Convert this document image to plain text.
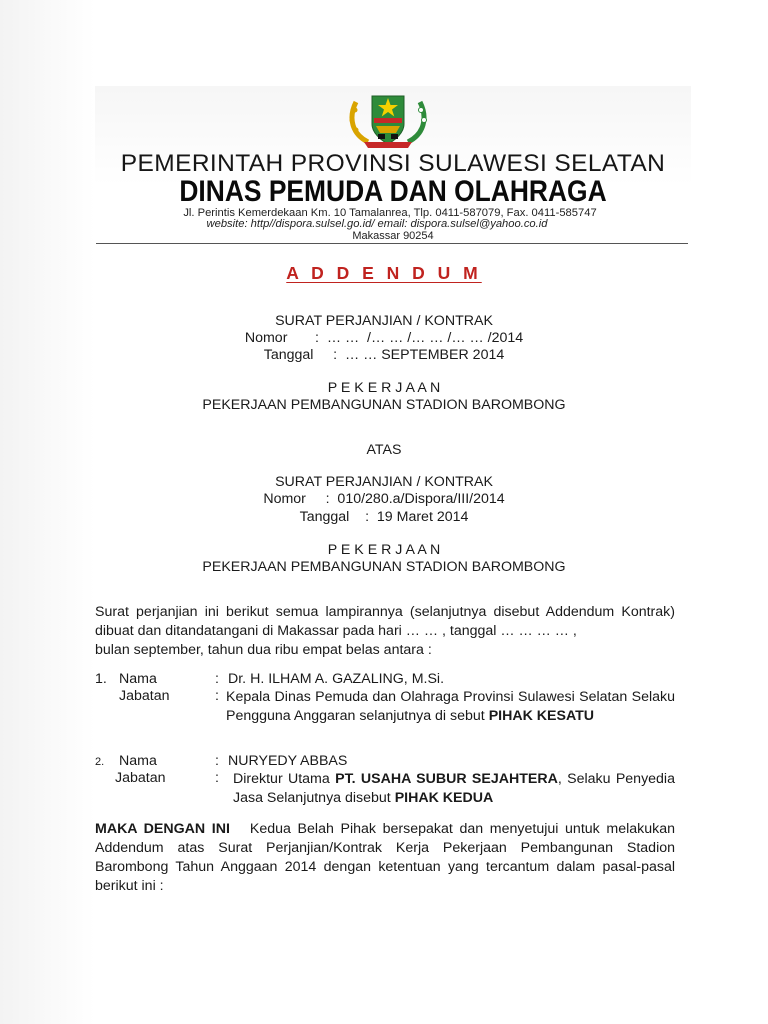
PEMERINTAH PROVINSI SULAWESI SELATAN
DINAS PEMUDA DAN OLAHRAGA
Jl. Perintis Kemerdekaan Km. 10 Tamalanrea, Tlp. 0411-587079, Fax. 0411-585747
website: http//dispora.sulsel.go.id/ email: dispora.sulsel@yahoo.co.id
Makassar 90254
A D D E N D U M
SURAT PERJANJIAN / KONTRAK
Nomor       :  … …  /… … /… … /… … /2014
Tanggal     :  … … SEPTEMBER 2014
P E K E R J A A N
PEKERJAAN PEMBANGUNAN STADION BAROMBONG
ATAS
SURAT PERJANJIAN / KONTRAK
Nomor     :  010/280.a/Dispora/III/2014
Tanggal    :  19 Maret 2014
P E K E R J A A N
PEKERJAAN PEMBANGUNAN STADION BAROMBONG
Surat perjanjian ini berikut semua lampirannya (selanjutnya disebut Addendum Kontrak) dibuat dan ditandatangani di Makassar pada hari … … , tanggal … … … … ,
bulan september, tahun dua ribu empat belas antara :
1. Nama	: Dr. H. ILHAM A. GAZALING, M.Si.
Jabatan	: Kepala Dinas Pemuda dan Olahraga Provinsi Sulawesi Selatan Selaku Pengguna Anggaran selanjutnya di sebut PIHAK KESATU
2. Nama	: NURYEDY ABBAS
Jabatan	: Direktur Utama PT. USAHA SUBUR SEJAHTERA, Selaku Penyedia Jasa Selanjutnya disebut PIHAK KEDUA
MAKA DENGAN INI Kedua Belah Pihak bersepakat dan menyetujui untuk melakukan Addendum atas Surat Perjanjian/Kontrak Kerja Pekerjaan Pembangunan Stadion Barombong Tahun Anggaan 2014 dengan ketentuan yang tercantum dalam pasal-pasal berikut ini :
